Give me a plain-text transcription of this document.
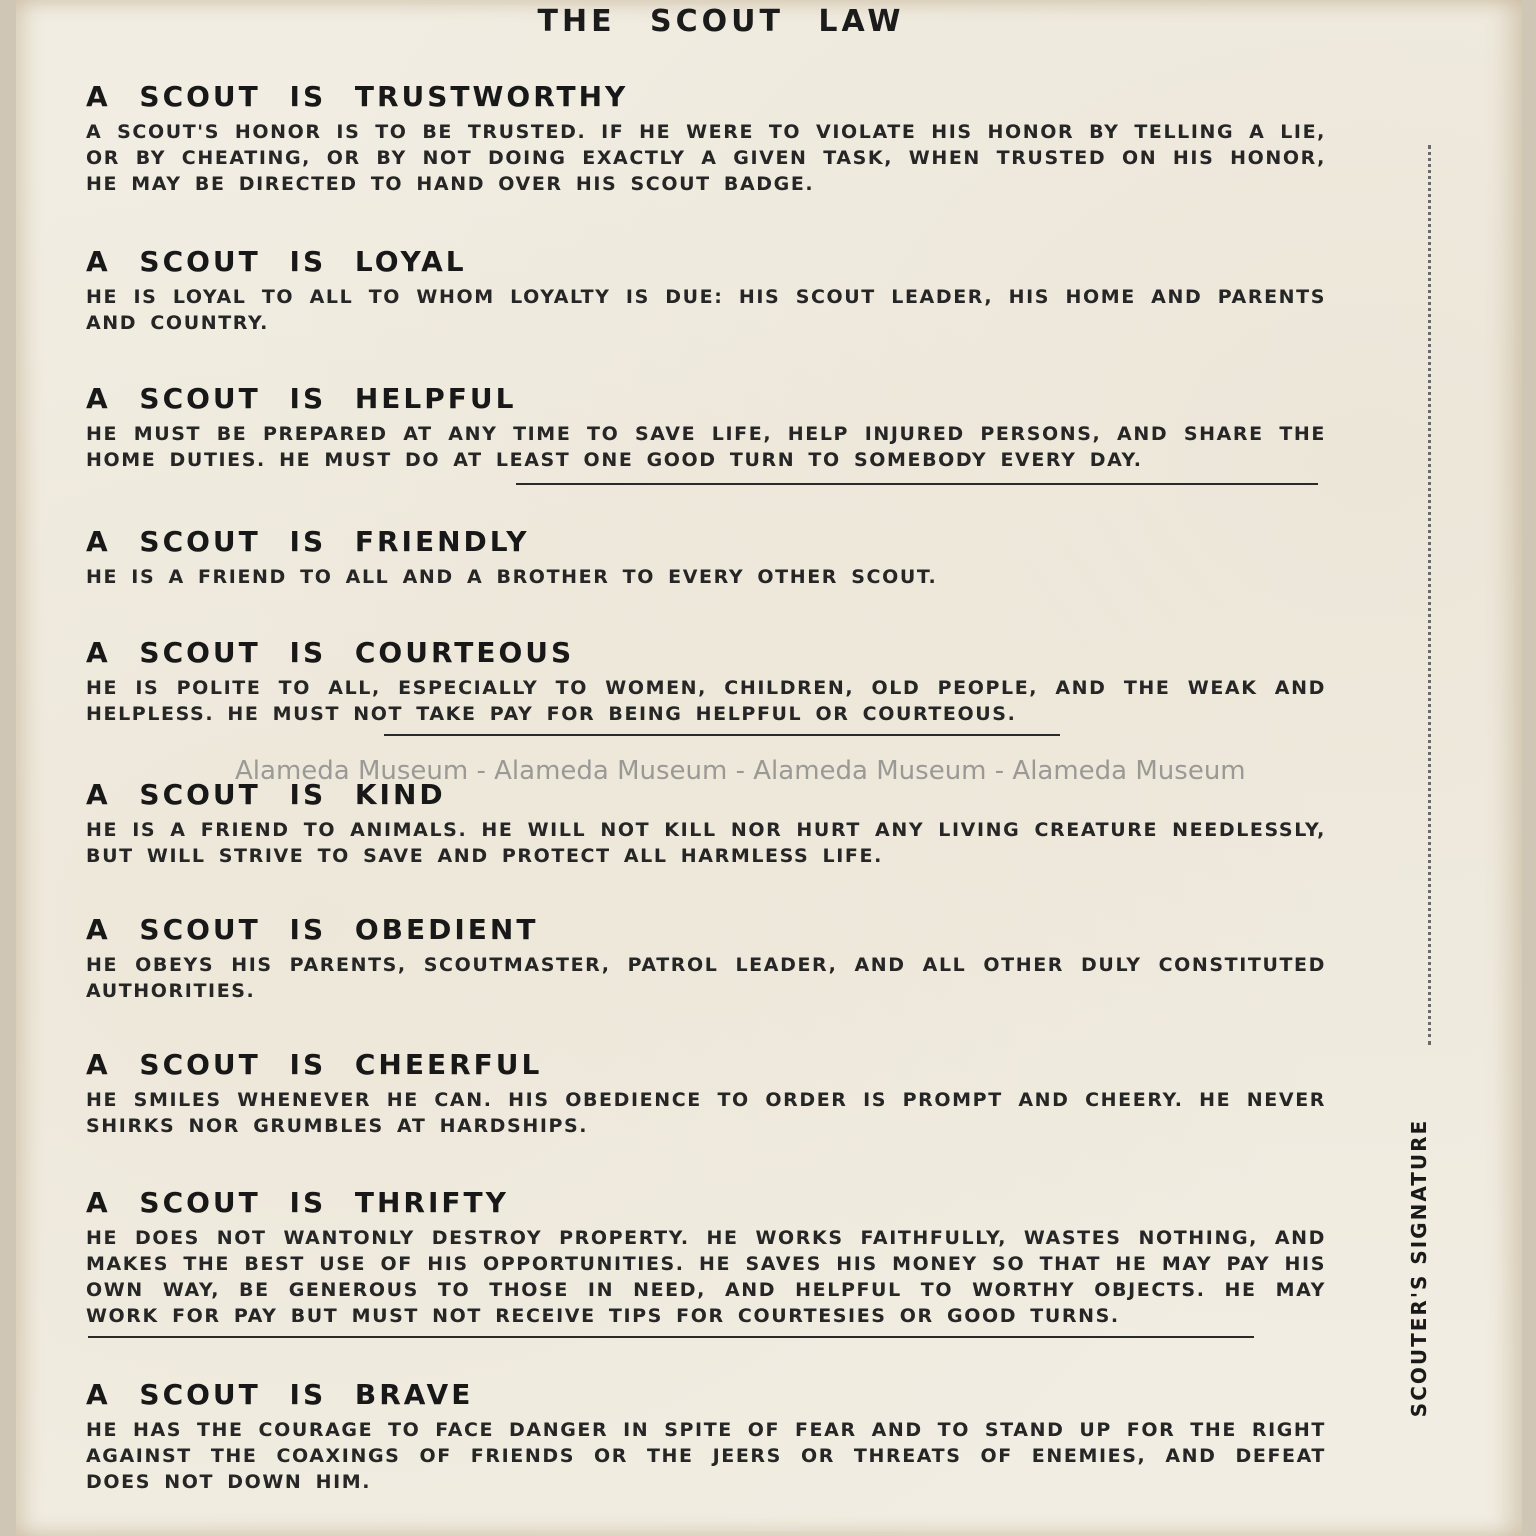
THE SCOUT LAW
A SCOUT IS TRUSTWORTHY
A SCOUT'S HONOR IS TO BE TRUSTED. IF HE WERE TO VIOLATE HIS HONOR BY TELLING A LIE, OR BY CHEATING, OR BY NOT DOING EXACTLY A GIVEN TASK, WHEN TRUSTED ON HIS HONOR, HE MAY BE DIRECTED TO HAND OVER HIS SCOUT BADGE.
A SCOUT IS LOYAL
HE IS LOYAL TO ALL TO WHOM LOYALTY IS DUE: HIS SCOUT LEADER, HIS HOME AND PARENTS AND COUNTRY.
A SCOUT IS HELPFUL
HE MUST BE PREPARED AT ANY TIME TO SAVE LIFE, HELP INJURED PERSONS, AND SHARE THE HOME DUTIES. HE MUST DO AT LEAST ONE GOOD TURN TO SOMEBODY EVERY DAY.
A SCOUT IS FRIENDLY
HE IS A FRIEND TO ALL AND A BROTHER TO EVERY OTHER SCOUT.
A SCOUT IS COURTEOUS
HE IS POLITE TO ALL, ESPECIALLY TO WOMEN, CHILDREN, OLD PEOPLE, AND THE WEAK AND HELPLESS. HE MUST NOT TAKE PAY FOR BEING HELPFUL OR COURTEOUS.
A SCOUT IS KIND
HE IS A FRIEND TO ANIMALS. HE WILL NOT KILL NOR HURT ANY LIVING CREATURE NEEDLESSLY, BUT WILL STRIVE TO SAVE AND PROTECT ALL HARMLESS LIFE.
A SCOUT IS OBEDIENT
HE OBEYS HIS PARENTS, SCOUTMASTER, PATROL LEADER, AND ALL OTHER DULY CONSTITUTED AUTHORITIES.
A SCOUT IS CHEERFUL
HE SMILES WHENEVER HE CAN. HIS OBEDIENCE TO ORDER IS PROMPT AND CHEERY. HE NEVER SHIRKS NOR GRUMBLES AT HARDSHIPS.
A SCOUT IS THRIFTY
HE DOES NOT WANTONLY DESTROY PROPERTY. HE WORKS FAITHFULLY, WASTES NOTHING, AND MAKES THE BEST USE OF HIS OPPORTUNITIES. HE SAVES HIS MONEY SO THAT HE MAY PAY HIS OWN WAY, BE GENEROUS TO THOSE IN NEED, AND HELPFUL TO WORTHY OBJECTS. HE MAY WORK FOR PAY BUT MUST NOT RECEIVE TIPS FOR COURTESIES OR GOOD TURNS.
A SCOUT IS BRAVE
HE HAS THE COURAGE TO FACE DANGER IN SPITE OF FEAR AND TO STAND UP FOR THE RIGHT AGAINST THE COAXINGS OF FRIENDS OR THE JEERS OR THREATS OF ENEMIES, AND DEFEAT DOES NOT DOWN HIM.
SCOUTER'S SIGNATURE
Alameda Museum - Alameda Museum - Alameda Museum - Alameda Museum
